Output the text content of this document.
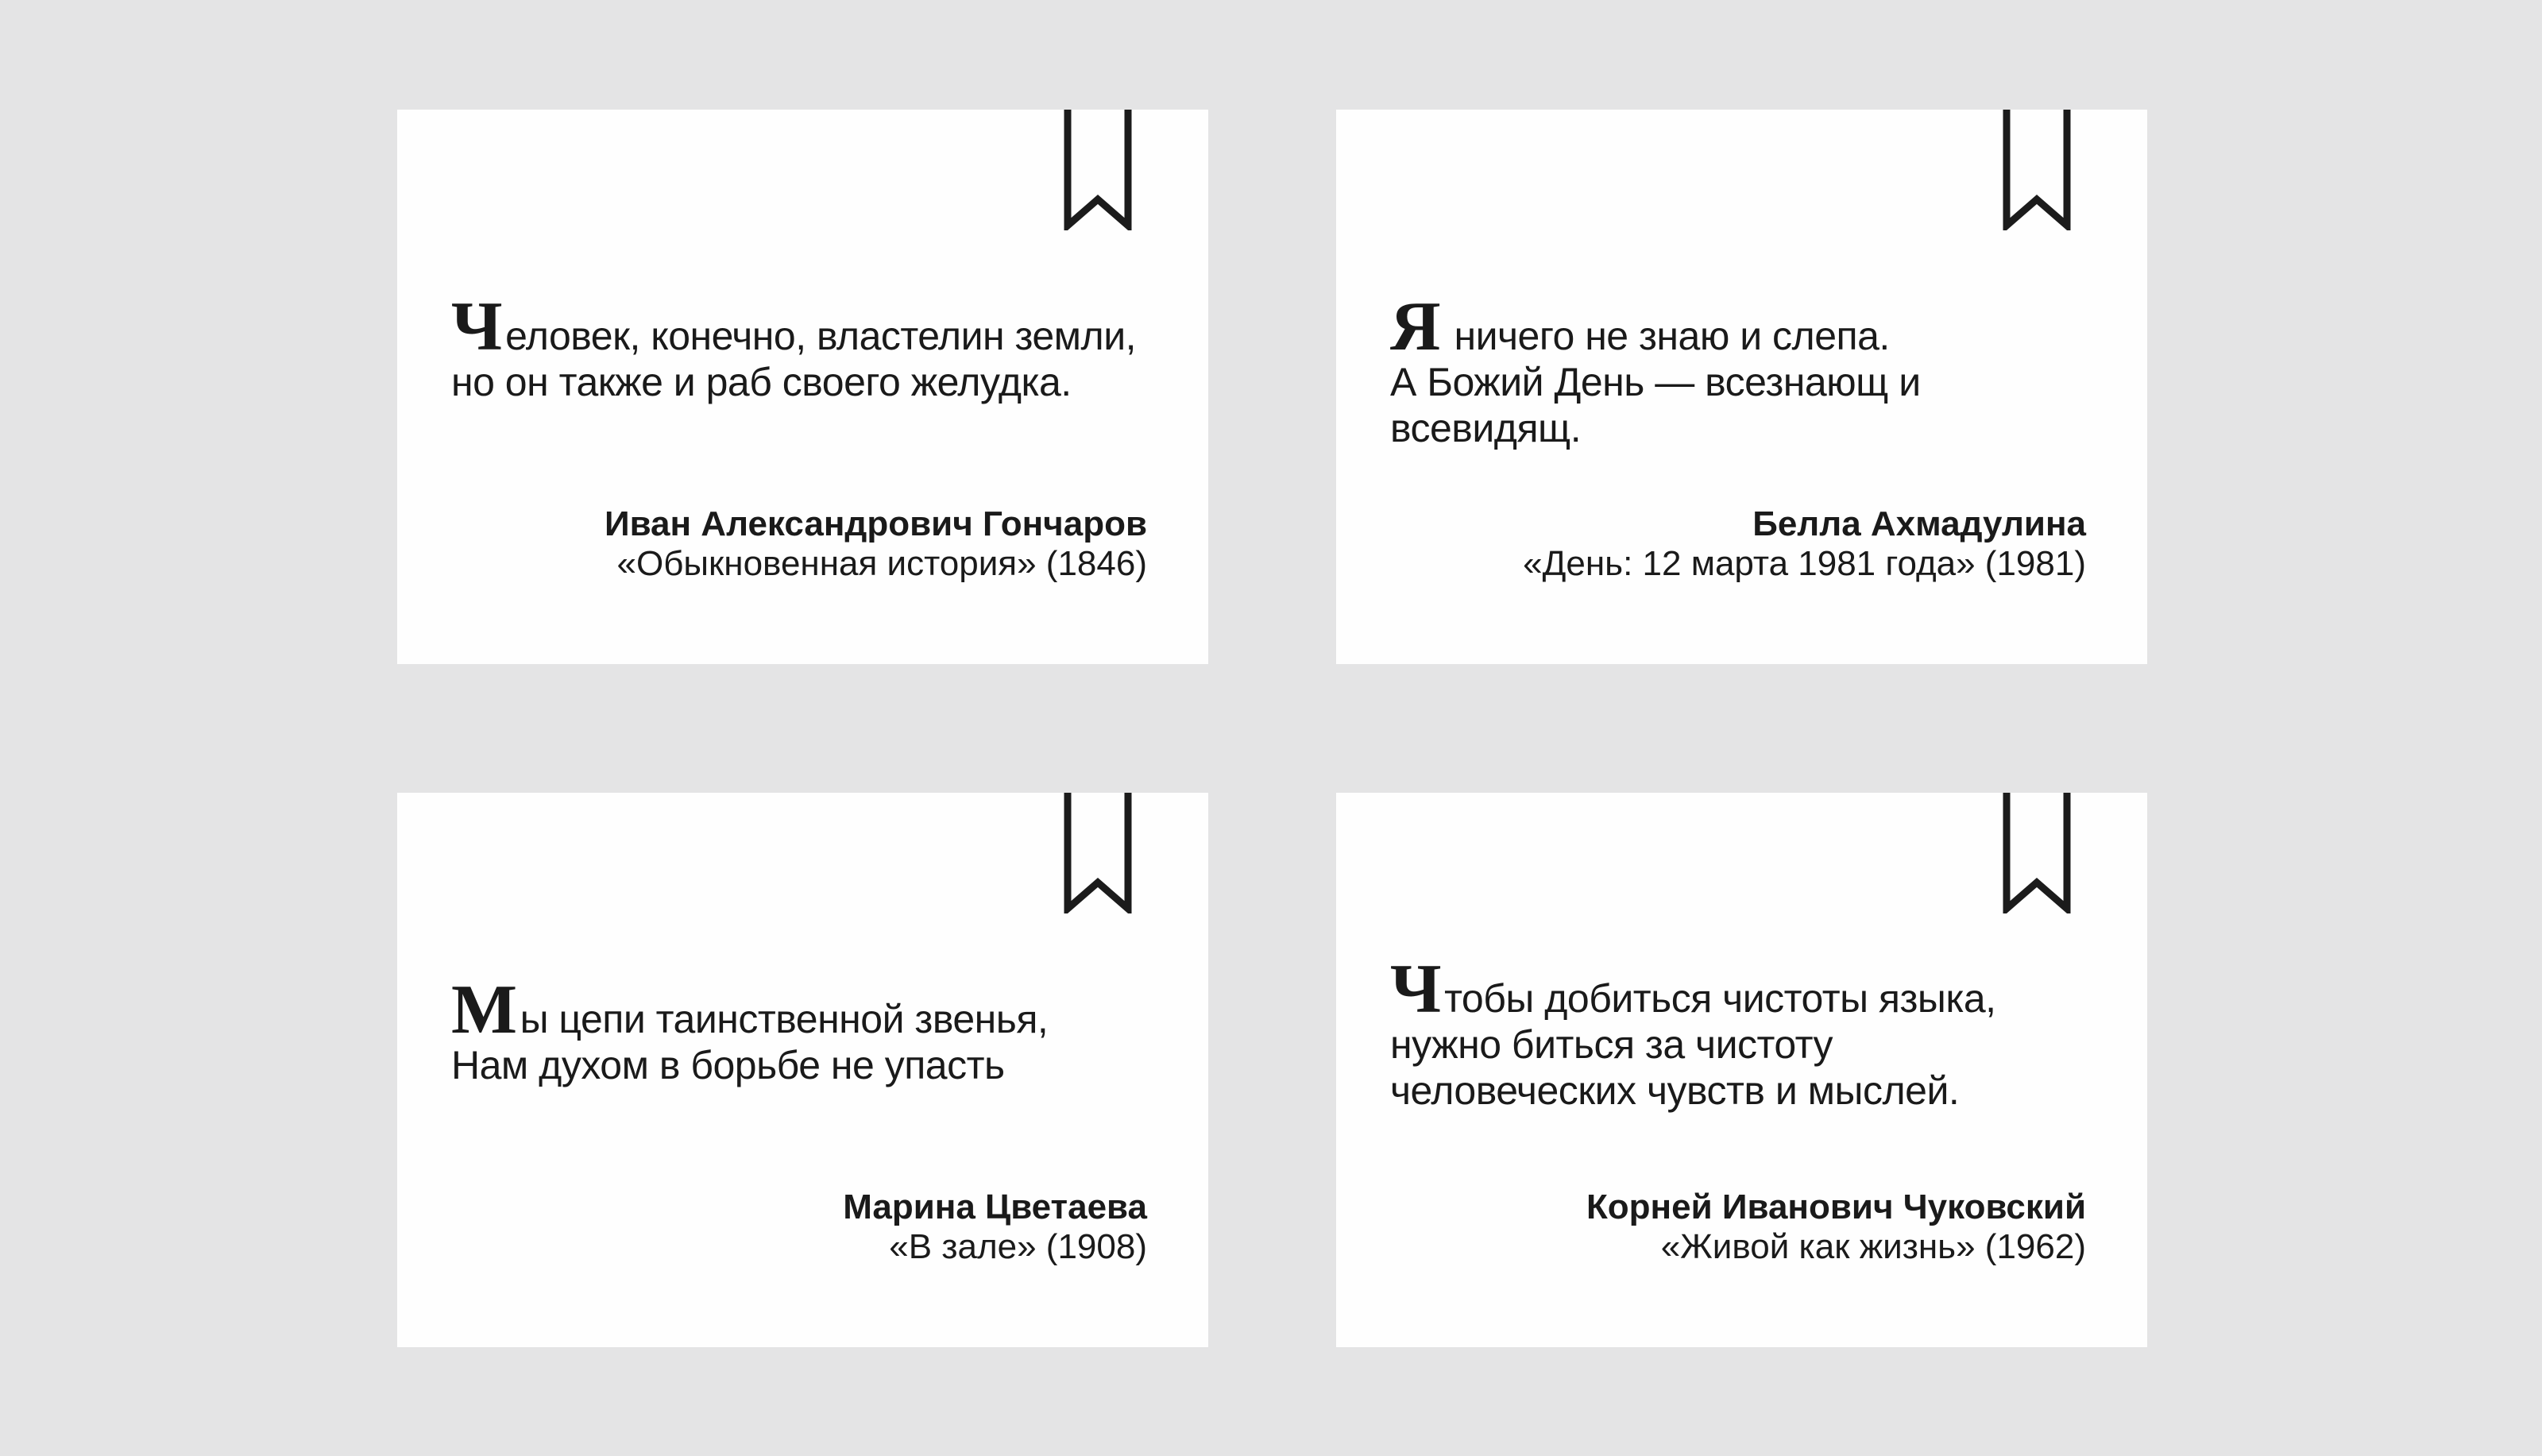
Человек, конечно, властелин земли,
но он также и раб своего желудка.
Иван Александрович Гончаров
«Обыкновенная история» (1846)
Я ничего не знаю и слепа.
А Божий День — всезнающ и всевидящ.
Белла Ахмадулина
«День: 12 марта 1981 года» (1981)
Мы цепи таинственной звенья,
Нам духом в борьбе не упасть
Марина Цветаева
«В зале» (1908)
Чтобы добиться чистоты языка,
нужно биться за чистоту
человеческих чувств и мыслей.
Корней Иванович Чуковский
«Живой как жизнь» (1962)
